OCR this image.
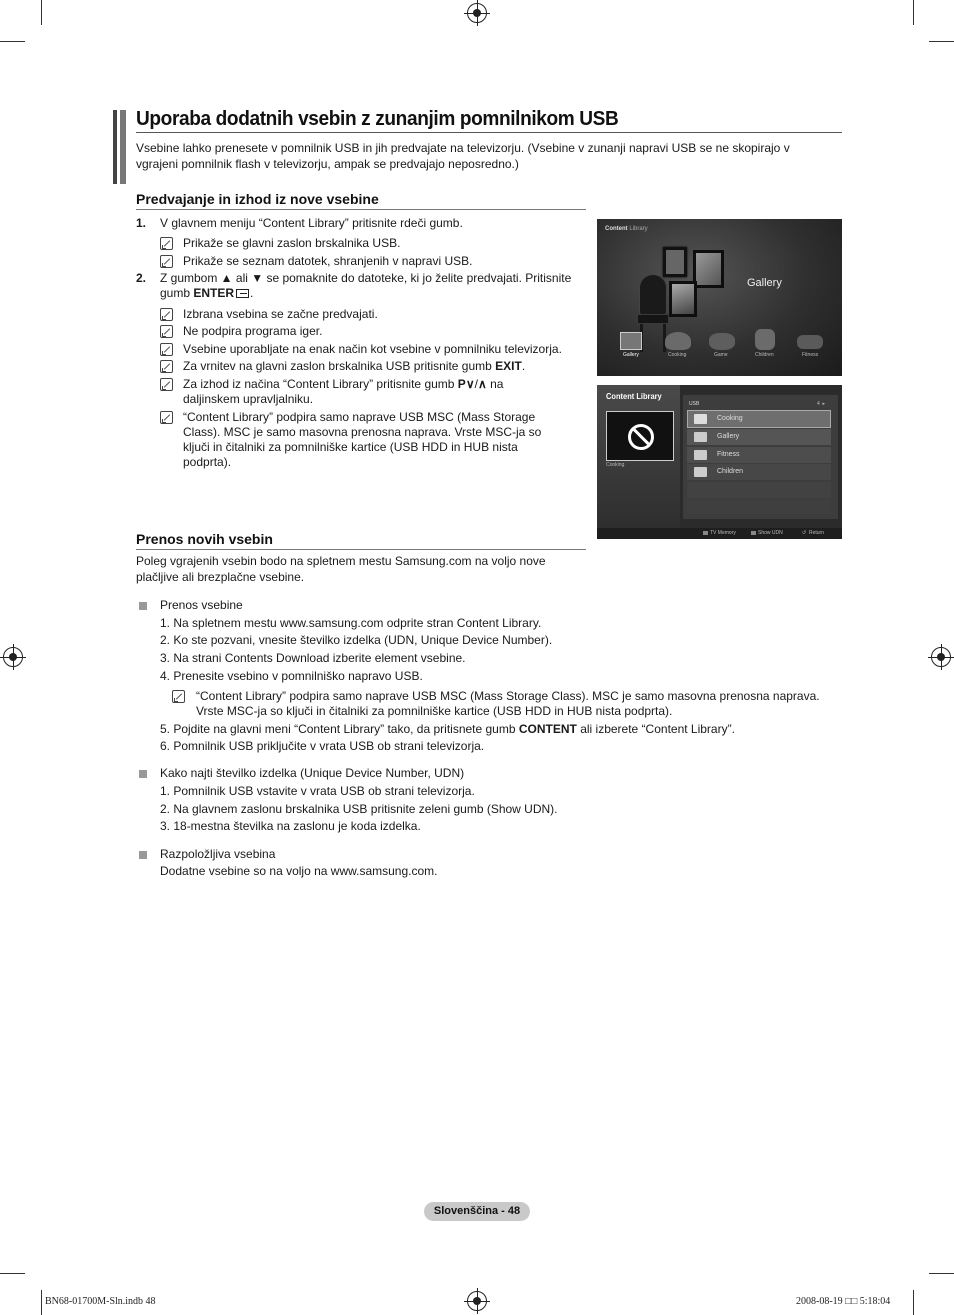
Uporaba dodatnih vsebin z zunanjim pomnilnikom USB

Vsebine lahko prenesete v pomnilnik USB in jih predvajate na televizorju. (Vsebine v zunanji napravi USB se ne skopirajo v vgrajeni pomnilnik flash v televizorju, ampak se predvajajo neposredno.)

Predvajanje in izhod iz nove vsebine
1. V glavnem meniju “Content Library” pritisnite rdeči gumb.
Prikaže se glavni zaslon brskalnika USB.
Prikaže se seznam datotek, shranjenih v napravi USB.
2. Z gumbom ▲ ali ▼ se pomaknite do datoteke, ki jo želite predvajati. Pritisnite gumb ENTER .
Izbrana vsebina se začne predvajati.
Ne podpira programa iger.
Vsebine uporabljate na enak način kot vsebine v pomnilniku televizorja.
Za vrnitev na glavni zaslon brskalnika USB pritisnite gumb EXIT.
Za izhod iz načina “Content Library” pritisnite gumb P∨/∧ na daljinskem upravljalniku.
“Content Library” podpira samo naprave USB MSC (Mass Storage Class). MSC je samo masovna prenosna naprava. Vrste MSC-ja so ključi in čitalniki za pomnilniške kartice (USB HDD in HUB nista podprta).
Content Library
Gallery
Gallery	Cooking	Game	Children	Fitness
Content Library
Cooking
USB	4 ​​ ▸
Cooking
Gallery
Fitness
Children
TV Memory	Show UDN	↺ Return
Prenos novih vsebin

Poleg vgrajenih vsebin bodo na spletnem mestu Samsung.com na voljo nove plačljive ali brezplačne vsebine.

Prenos vsebine
1. Na spletnem mestu www.samsung.com odprite stran Content Library.
2. Ko ste pozvani, vnesite številko izdelka (UDN, Unique Device Number).
3. Na strani Contents Download izberite element vsebine.
4. Prenesite vsebino v pomnilniško napravo USB.
“Content Library” podpira samo naprave USB MSC (Mass Storage Class). MSC je samo masovna prenosna naprava. Vrste MSC-ja so ključi in čitalniki za pomnilniške kartice (USB HDD in HUB nista podprta).
5. Pojdite na glavni meni “Content Library” tako, da pritisnete gumb CONTENT ali izberete “Content Library”.
6. Pomnilnik USB priključite v vrata USB ob strani televizorja.
Kako najti številko izdelka (Unique Device Number, UDN)
1. Pomnilnik USB vstavite v vrata USB ob strani televizorja.
2. Na glavnem zaslonu brskalnika USB pritisnite zeleni gumb (Show UDN).
3. 18-mestna številka na zaslonu je koda izdelka.
Razpoložljiva vsebina
Dodatne vsebine so na voljo na www.samsung.com.
Slovenščina - 48
BN68-01700M-Sln.indb 48	2008-08-19 □□ 5:18:04
